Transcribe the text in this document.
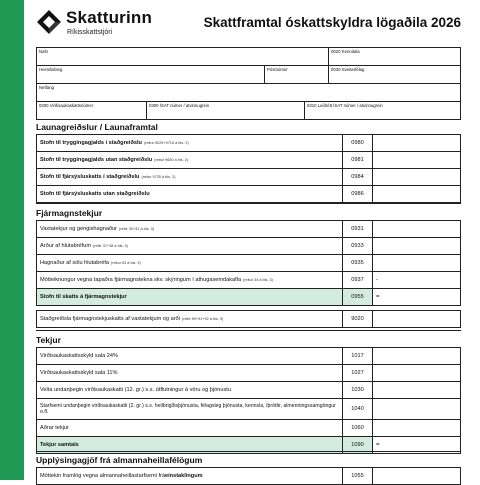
Skatturinn
Ríkisskattstjóri
Skattframtal óskattskyldra lögaðila 2026
Nafn	0020 Kennitala
Heimilisfang	Póstnúmer	0030 Sveitarfélag
Netfang
0200 Virðisaukaskattsnúmer	0300 ÍSAT númer / atvinnugrein	0310 Leiðrétt ÍSAT númer / atvinnugrein
Launagreiðslur / Launaframtal
Stofn til tryggingagjalds í staðgreiðslu (reitur 9025+9715 á bls. 2)	0980
Stofn til tryggingagjalds utan staðgreiðslu (reitur 9650 á bls. 2)	0981
Stofn til fjársýsluskatts í staðgreiðslu (reitur 9735 á bls. 2)	0984
Stofn til fjársýsluskatts utan staðgreiðslu	0986
Fjármagnstekjur
Vaxtatekjur og gengishagnaður (reitir 30+31 á bls. 3)	0931
Arður af hlutabréfum (reitir 37+38 á bls. 3)	0933
Hagnaður af sölu hlutabréfa (reitur 53 á bls. 3)	0935
Mótteiknungur vegna tapaðra fjármagnstekna skv. skýringum í athugasemdakafla (reitur 34 á bls. 3)	0937	-
Stofn til skatts á fjármagnstekjur	0955	=
Staðgreiðsla fjármagnstekjuskatts af vaxtatekjum og arði (reitir 89+91+92 á bls. 3)	9020
Tekjur
Virðisaukaskattsskyld sala 24%	1017
Virðisaukaskattsskyld sala 11%	1027
Velta undanþegin virðisaukaskatti (12. gr.) s.s. útflutningur á vöru og þjónustu	1030
Starfsemi undanþegin virðisaukaskatti (2. gr.) s.s. heilbrigðisþjónusta, félagsleg þjónusta, kennsla, íþróttir, almenningssamgöngur o.fl.	1040
Aðrar tekjur	1060
Tekjur samtals	1090	=
Upplýsingagjöf frá almannaheillafélögum
Móttekin framlög vegna almannaheillastarfsemi frá einstaklingum	1055
